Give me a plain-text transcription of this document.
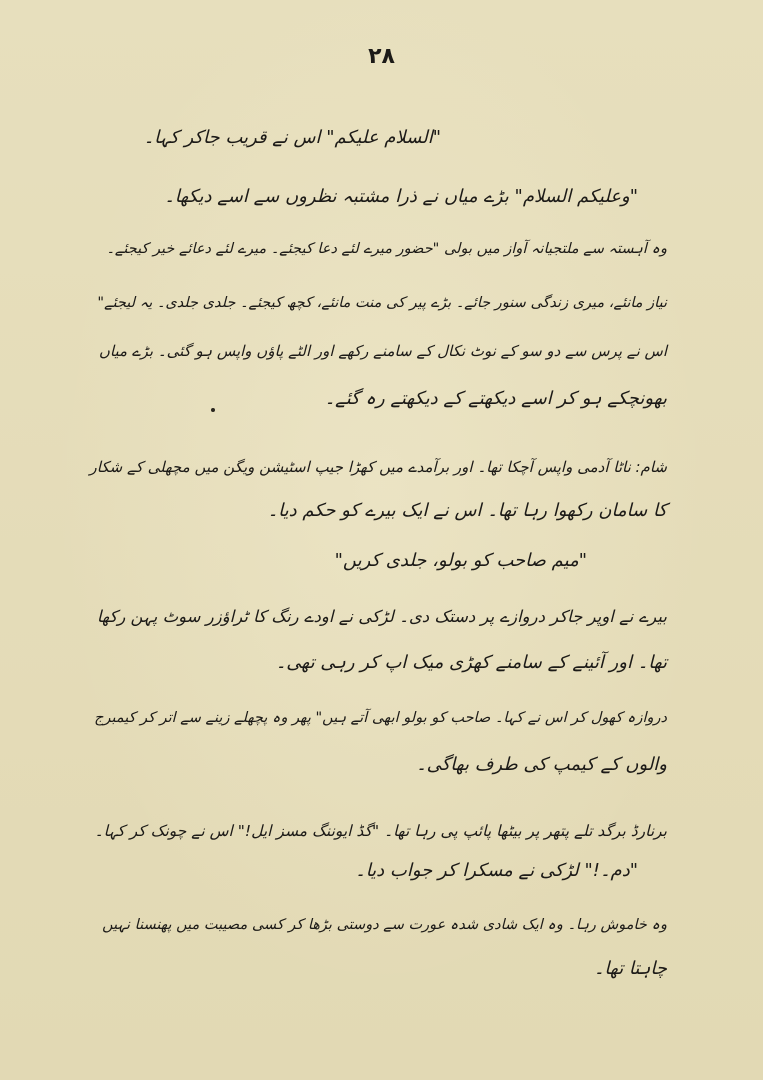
۲۸
"السلام علیکم" اس نے قریب جاکر کہا۔
"وعلیکم السلام" بڑے میاں نے ذرا مشتبہ نظروں سے اسے دیکھا۔
وہ آہستہ سے ملتجیانہ آواز میں بولی "حضور میرے لئے دعا کیجئے۔ میرے لئے دعائے خیر کیجئے۔
نیاز مانئے، میری زندگی سنور جائے۔ بڑے پیر کی منت مانئے، کچھ کیجئے۔ جلدی جلدی۔ یہ لیجئے"
اس نے پرس سے دو سو کے نوٹ نکال کے سامنے رکھے اور الٹے پاؤں واپس ہو گئی۔ بڑے میاں
بھونچکے ہو کر اسے دیکھتے کے دیکھتے رہ گئے۔
شام: ناٹا آدمی واپس آچکا تھا۔ اور برآمدے میں کھڑا جیپ اسٹیشن ویگن میں مچھلی کے شکار
کا سامان رکھوا رہا تھا۔ اس نے ایک بیرے کو حکم دیا۔
"میم صاحب کو بولو، جلدی کریں"
بیرے نے اوپر جاکر دروازے پر دستک دی۔ لڑکی نے اودے رنگ کا ٹراؤزر سوٹ پہن رکھا
تھا۔ اور آئینے کے سامنے کھڑی میک اپ کر رہی تھی۔
دروازہ کھول کر اس نے کہا۔ صاحب کو بولو ابھی آتے ہیں" پھر وہ پچھلے زینے سے اتر کر کیمبرج
والوں کے کیمپ کی طرف بھاگی۔
برنارڈ برگد تلے پتھر پر بیٹھا پائپ پی رہا تھا۔ "گڈ ایوننگ مسز ایل!" اس نے چونک کر کہا۔
"دم۔!" لڑکی نے مسکرا کر جواب دیا۔
وہ خاموش رہا۔ وہ ایک شادی شدہ عورت سے دوستی بڑھا کر کسی مصیبت میں پھنسنا نہیں
چاہتا تھا۔
